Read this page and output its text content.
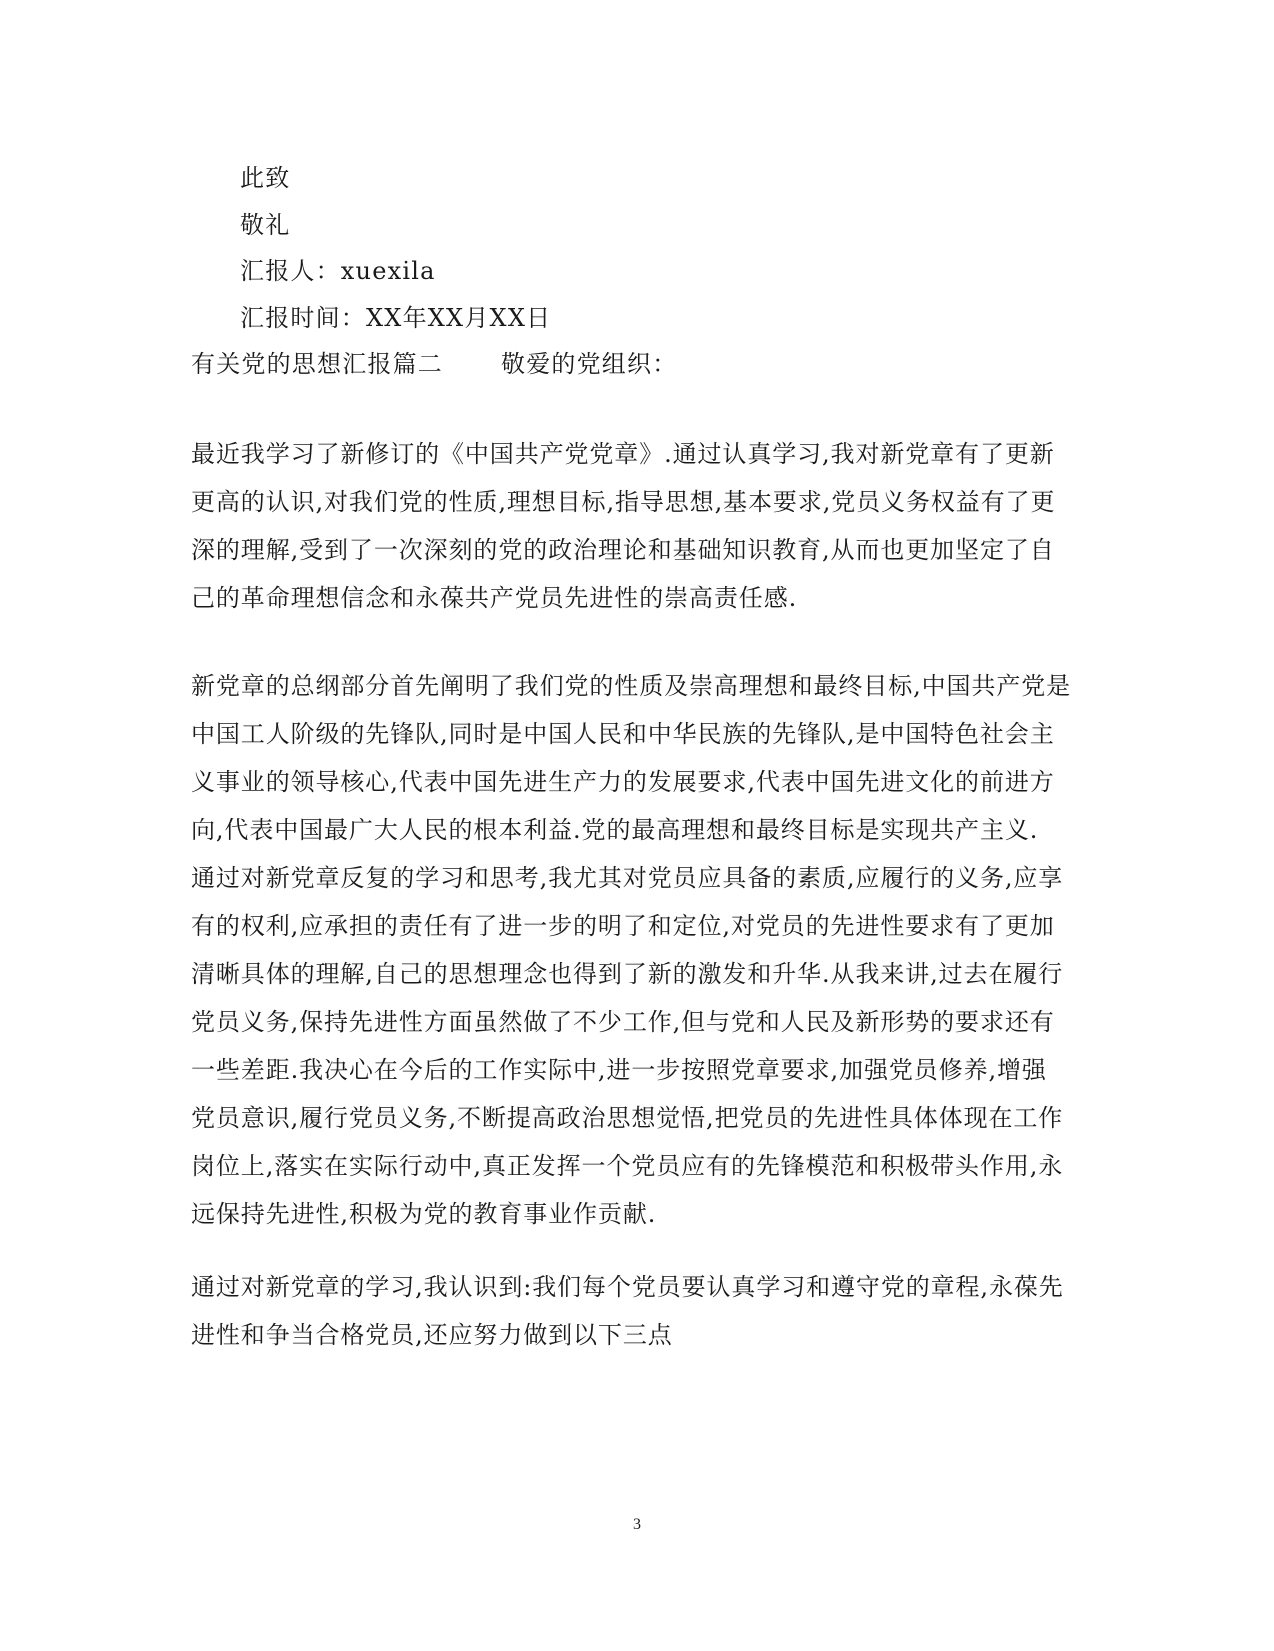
此致
敬礼
汇报人：xuexila
汇报时间：XX年XX月XX日
有关党的思想汇报篇二 敬爱的党组织：
最近我学习了新修订的《中国共产党党章》.通过认真学习,我对新党章有了更新
更高的认识,对我们党的性质,理想目标,指导思想,基本要求,党员义务权益有了更
深的理解,受到了一次深刻的党的政治理论和基础知识教育,从而也更加坚定了自
己的革命理想信念和永葆共产党员先进性的崇高责任感.
新党章的总纲部分首先阐明了我们党的性质及崇高理想和最终目标,中国共产党是
中国工人阶级的先锋队,同时是中国人民和中华民族的先锋队,是中国特色社会主
义事业的领导核心,代表中国先进生产力的发展要求,代表中国先进文化的前进方
向,代表中国最广大人民的根本利益.党的最高理想和最终目标是实现共产主义.
通过对新党章反复的学习和思考,我尤其对党员应具备的素质,应履行的义务,应享
有的权利,应承担的责任有了进一步的明了和定位,对党员的先进性要求有了更加
清晰具体的理解,自己的思想理念也得到了新的激发和升华.从我来讲,过去在履行
党员义务,保持先进性方面虽然做了不少工作,但与党和人民及新形势的要求还有
一些差距.我决心在今后的工作实际中,进一步按照党章要求,加强党员修养,增强
党员意识,履行党员义务,不断提高政治思想觉悟,把党员的先进性具体体现在工作
岗位上,落实在实际行动中,真正发挥一个党员应有的先锋模范和积极带头作用,永
远保持先进性,积极为党的教育事业作贡献.
通过对新党章的学习,我认识到:我们每个党员要认真学习和遵守党的章程,永葆先
进性和争当合格党员,还应努力做到以下三点
3
